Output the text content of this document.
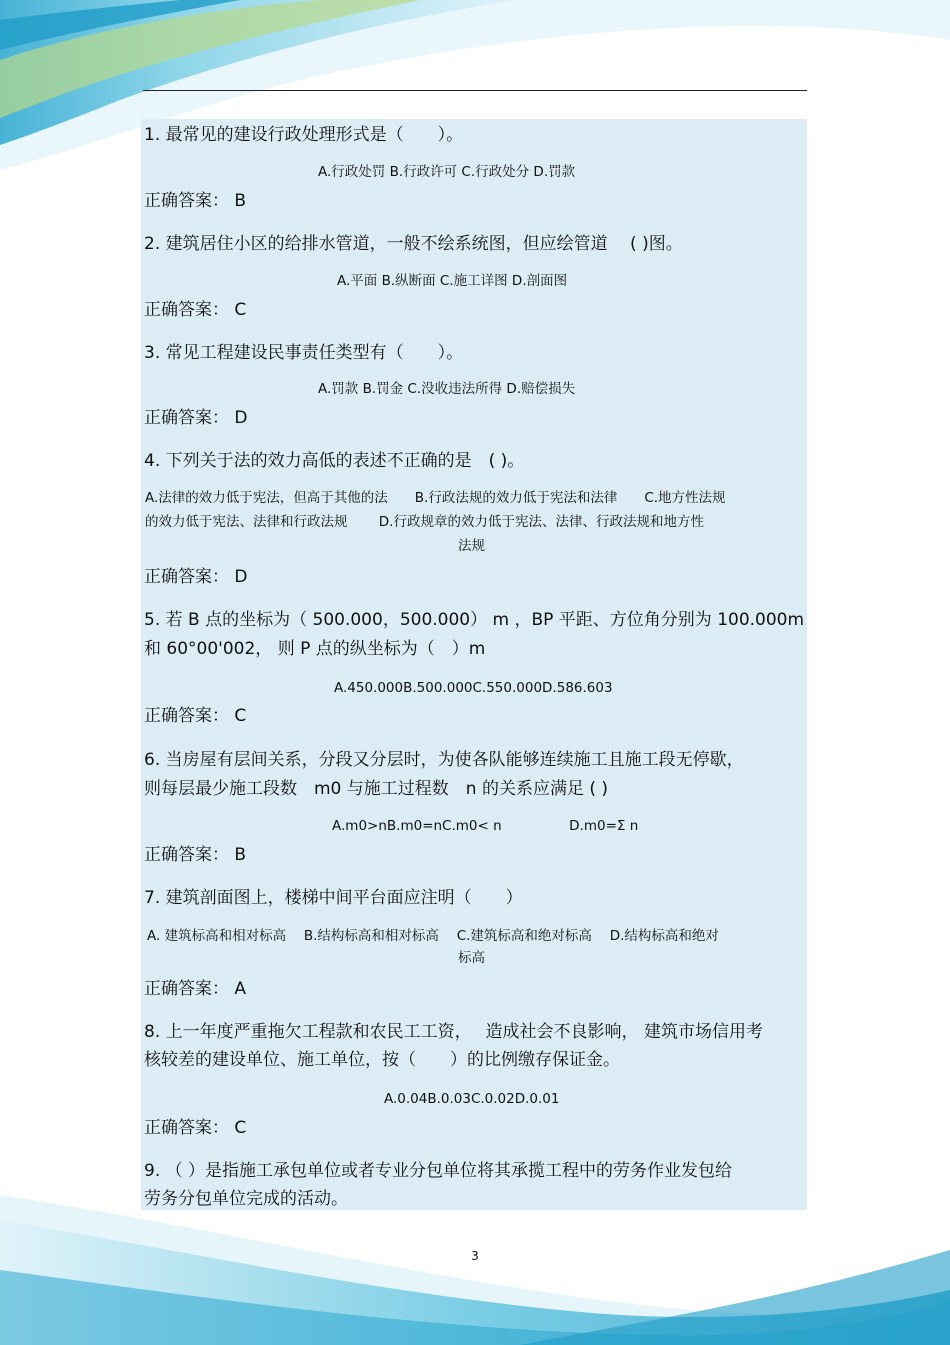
1. 最常见的建设行政处理形式是（　　）。
A.行政处罚 B.行政许可 C.行政处分 D.罚款
正确答案： B
2. 建筑居住小区的给排水管道，一般不绘系统图，但应绘管道　 ( )图。
A.平面 B.纵断面 C.施工详图 D.剖面图
正确答案： C
3. 常见工程建设民事责任类型有（　　）。
A.罚款 B.罚金 C.没收违法所得 D.赔偿损失
正确答案： D
4. 下列关于法的效力高低的表述不正确的是　( )。
A.法律的效力低于宪法，但高于其他的法　　B.行政法规的效力低于宪法和法律　　C.地方性法规
的效力低于宪法、法律和行政法规　　 D.行政规章的效力低于宪法、法律、行政法规和地方性
法规
正确答案： D
5. 若 B 点的坐标为（ 500.000，500.000） m ，BP 平距、方位角分别为 100.000m
和 60°00'002， 则 P 点的纵坐标为（　）m
A.450.000B.500.000C.550.000D.586.603
正确答案： C
6. 当房屋有层间关系，分段又分层时，为使各队能够连续施工且施工段无停歇，
则每层最少施工段数　m0 与施工过程数　n 的关系应满足 ( )
A.m0>nB.m0=nC.m0< n　　　　　D.m0=Σ n
正确答案： B
7. 建筑剖面图上，楼梯中间平台面应注明（　　）
A. 建筑标高和相对标高　 B.结构标高和相对标高　 C.建筑标高和绝对标高　 D.结构标高和绝对
标高
正确答案： A
8. 上一年度严重拖欠工程款和农民工工资，　 造成社会不良影响， 建筑市场信用考
核较差的建设单位、施工单位，按（　　）的比例缴存保证金。
A.0.04B.0.03C.0.02D.0.01
正确答案： C
9. （ ）是指施工承包单位或者专业分包单位将其承揽工程中的劳务作业发包给
劳务分包单位完成的活动。
3
